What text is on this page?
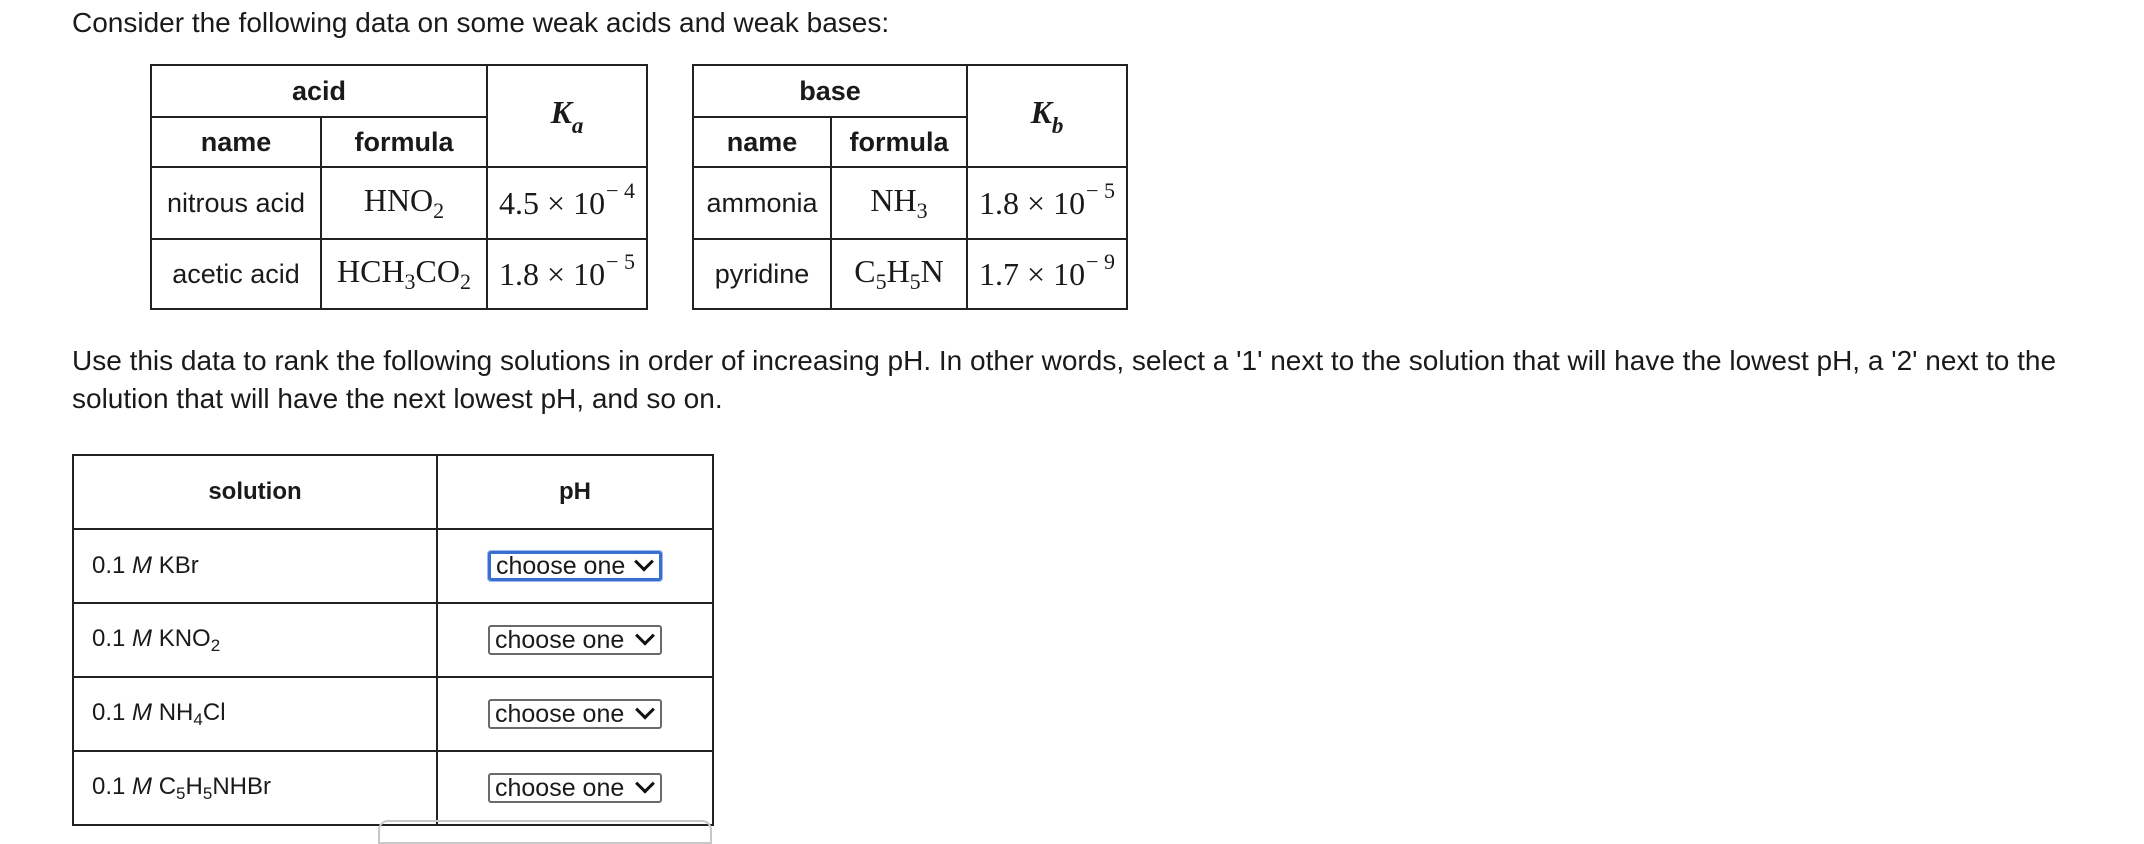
Consider the following data on some weak acids and weak bases:

acid		$K_a$
name	formula	
nitrous acid	$HNO_2$	$4.5 \times 10^{- 4}$
acetic acid	$HCH_3CO_2$	$1.8 \times 10^{- 5}$
base		$K_b$
name	formula	
ammonia	$NH_3$	$1.8 \times 10^{- 5}$
pyridine	$C_5H_5N$	$1.7 \times 10^{- 9}$

Use this data to rank the following solutions in order of increasing pH. In other words, select a '1' next to the solution that will have the lowest pH, a '2' next to the solution that will have the next lowest pH, and so on.

solution	pH
0.1 M KBr	choose one

0.1 M $KNO_2$	choose one

0.1 M $NH_4Cl$	choose one

0.1 M $C_5H_5NHBr$	choose one
